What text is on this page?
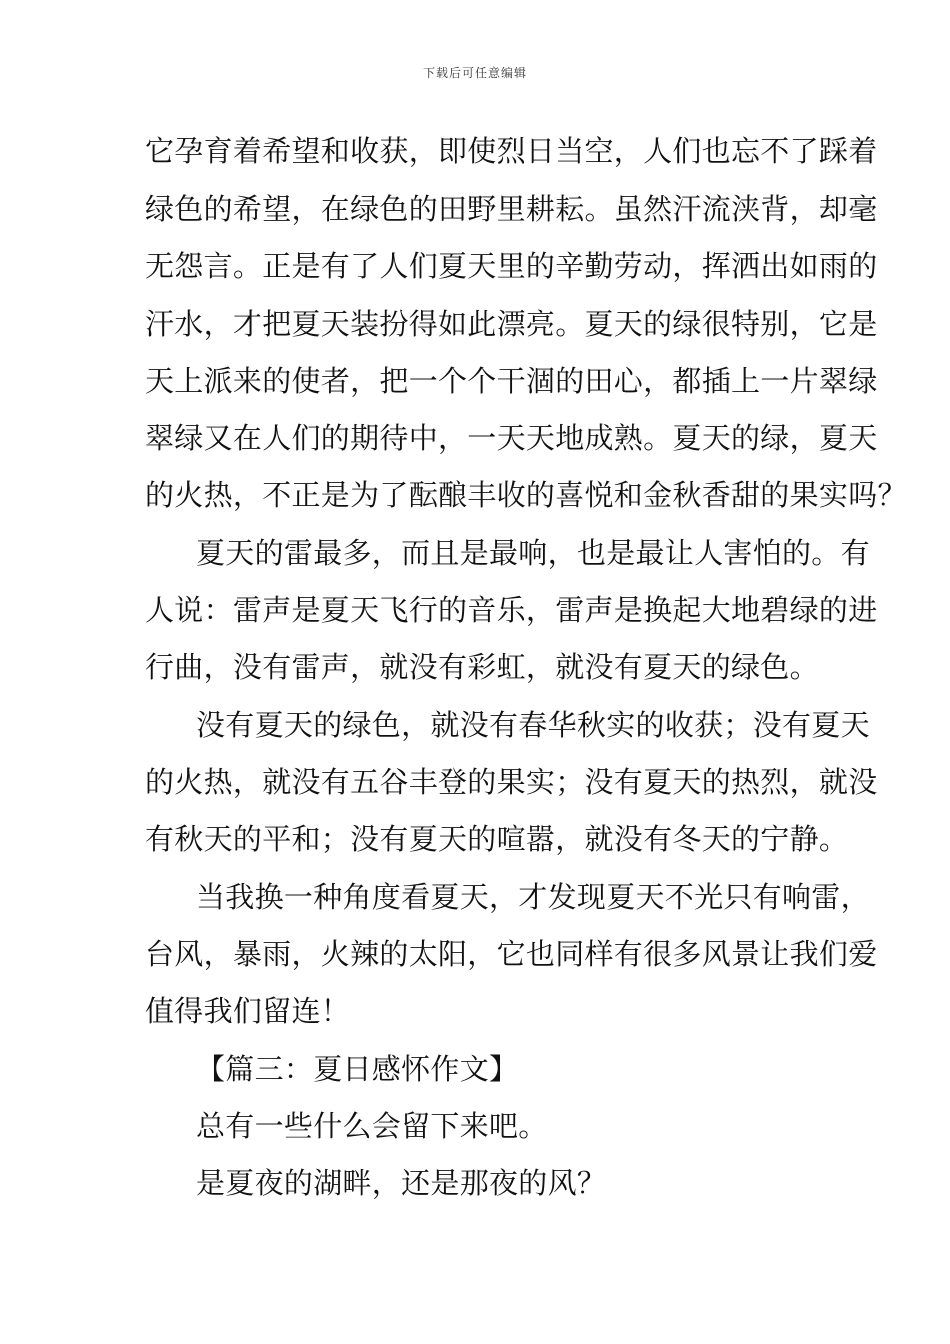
下载后可任意编辑
它孕育着希望和收获，即使烈日当空，人们也忘不了踩着
绿色的希望，在绿色的田野里耕耘。虽然汗流浃背，却毫
无怨言。正是有了人们夏天里的辛勤劳动，挥洒出如雨的
汗水，才把夏天装扮得如此漂亮。夏天的绿很特别，它是
天上派来的使者，把一个个干涸的田心，都插上一片翠绿
翠绿又在人们的期待中，一天天地成熟。夏天的绿，夏天
的火热，不正是为了酝酿丰收的喜悦和金秋香甜的果实吗？
夏天的雷最多，而且是最响，也是最让人害怕的。有
人说：雷声是夏天飞行的音乐，雷声是换起大地碧绿的进
行曲，没有雷声，就没有彩虹，就没有夏天的绿色。
没有夏天的绿色，就没有春华秋实的收获；没有夏天
的火热，就没有五谷丰登的果实；没有夏天的热烈，就没
有秋天的平和；没有夏天的喧嚣，就没有冬天的宁静。
当我换一种角度看夏天，才发现夏天不光只有响雷，
台风，暴雨，火辣的太阳，它也同样有很多风景让我们爱
值得我们留连！
【篇三：夏日感怀作文】
总有一些什么会留下来吧。
是夏夜的湖畔，还是那夜的风？
